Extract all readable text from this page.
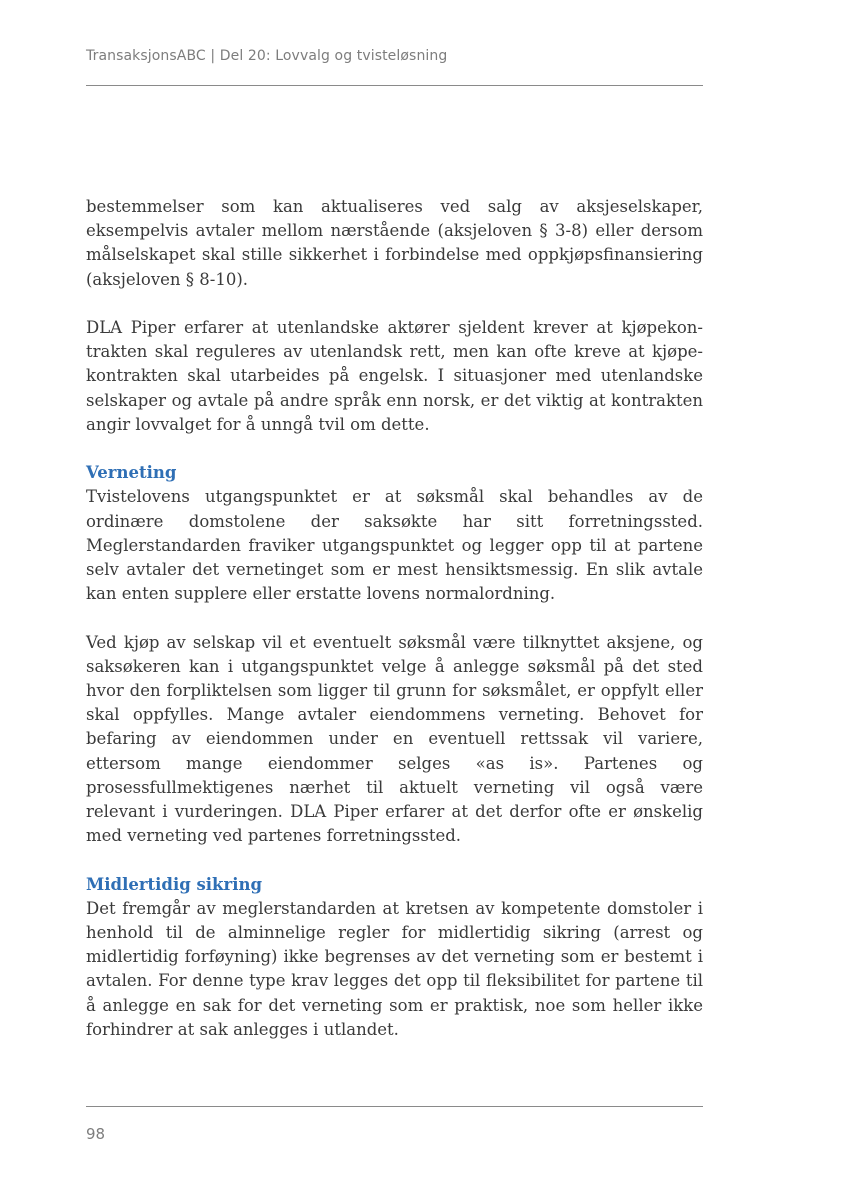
TransaksjonsABC | Del 20: Lovvalg og tvisteløsning

bestemmelser som kan aktualiseres ved salg av aksjeselskaper, eksempelvis avtaler mellom nærstående (aksjeloven § 3-8) eller dersom målselskapet skal stille sikkerhet i forbindelse med oppkjøpsfinansiering (aksjeloven § 8-10).

DLA Piper erfarer at utenlandske aktører sjeldent krever at kjøpekontrakten skal reguleres av utenlandsk rett, men kan ofte kreve at kjøpekontrakten skal utarbeides på engelsk. I situasjoner med utenlandske selskaper og avtale på andre språk enn norsk, er det viktig at kontrakten angir lovvalget for å unngå tvil om dette.

Verneting

Tvistelovens utgangspunktet er at søksmål skal behandles av de ordinære domstolene der saksøkte har sitt forretningssted. Meglerstandarden fraviker utgangspunktet og legger opp til at partene selv avtaler det vernetinget som er mest hensiktsmessig. En slik avtale kan enten supplere eller erstatte lovens normalordning.

Ved kjøp av selskap vil et eventuelt søksmål være tilknyttet aksjene, og saksøkeren kan i utgangspunktet velge å anlegge søksmål på det sted hvor den forpliktelsen som ligger til grunn for søksmålet, er oppfylt eller skal oppfylles. Mange avtaler eiendommens verneting. Behovet for befaring av eiendommen under en eventuell rettssak vil variere, ettersom mange eiendommer selges «as is». Partenes og prosessfullmektigenes nærhet til aktuelt verneting vil også være relevant i vurderingen. DLA Piper erfarer at det derfor ofte er ønskelig med verneting ved partenes forretningssted.

Midlertidig sikring

Det fremgår av meglerstandarden at kretsen av kompetente domstoler i henhold til de alminnelige regler for midlertidig sikring (arrest og midlertidig forføyning) ikke begrenses av det verneting som er bestemt i avtalen. For denne type krav legges det opp til fleksibilitet for partene til å anlegge en sak for det verneting som er praktisk, noe som heller ikke forhindrer at sak anlegges i utlandet.

98
